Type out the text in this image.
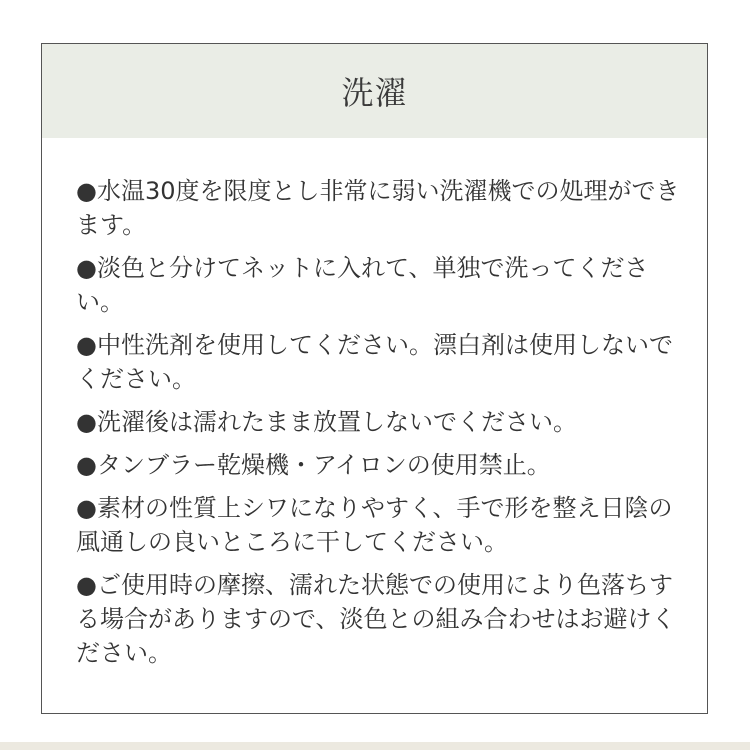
洗濯

●水温30度を限度とし非常に弱い洗濯機での処理ができます。

●淡色と分けてネットに入れて、単独で洗ってください。

●中性洗剤を使用してください。漂白剤は使用しないでください。

●洗濯後は濡れたまま放置しないでください。

●タンブラー乾燥機・アイロンの使用禁止。

●素材の性質上シワになりやすく、手で形を整え日陰の風通しの良いところに干してください。

●ご使用時の摩擦、濡れた状態での使用により色落ちする場合がありますので、淡色との組み合わせはお避けください。
